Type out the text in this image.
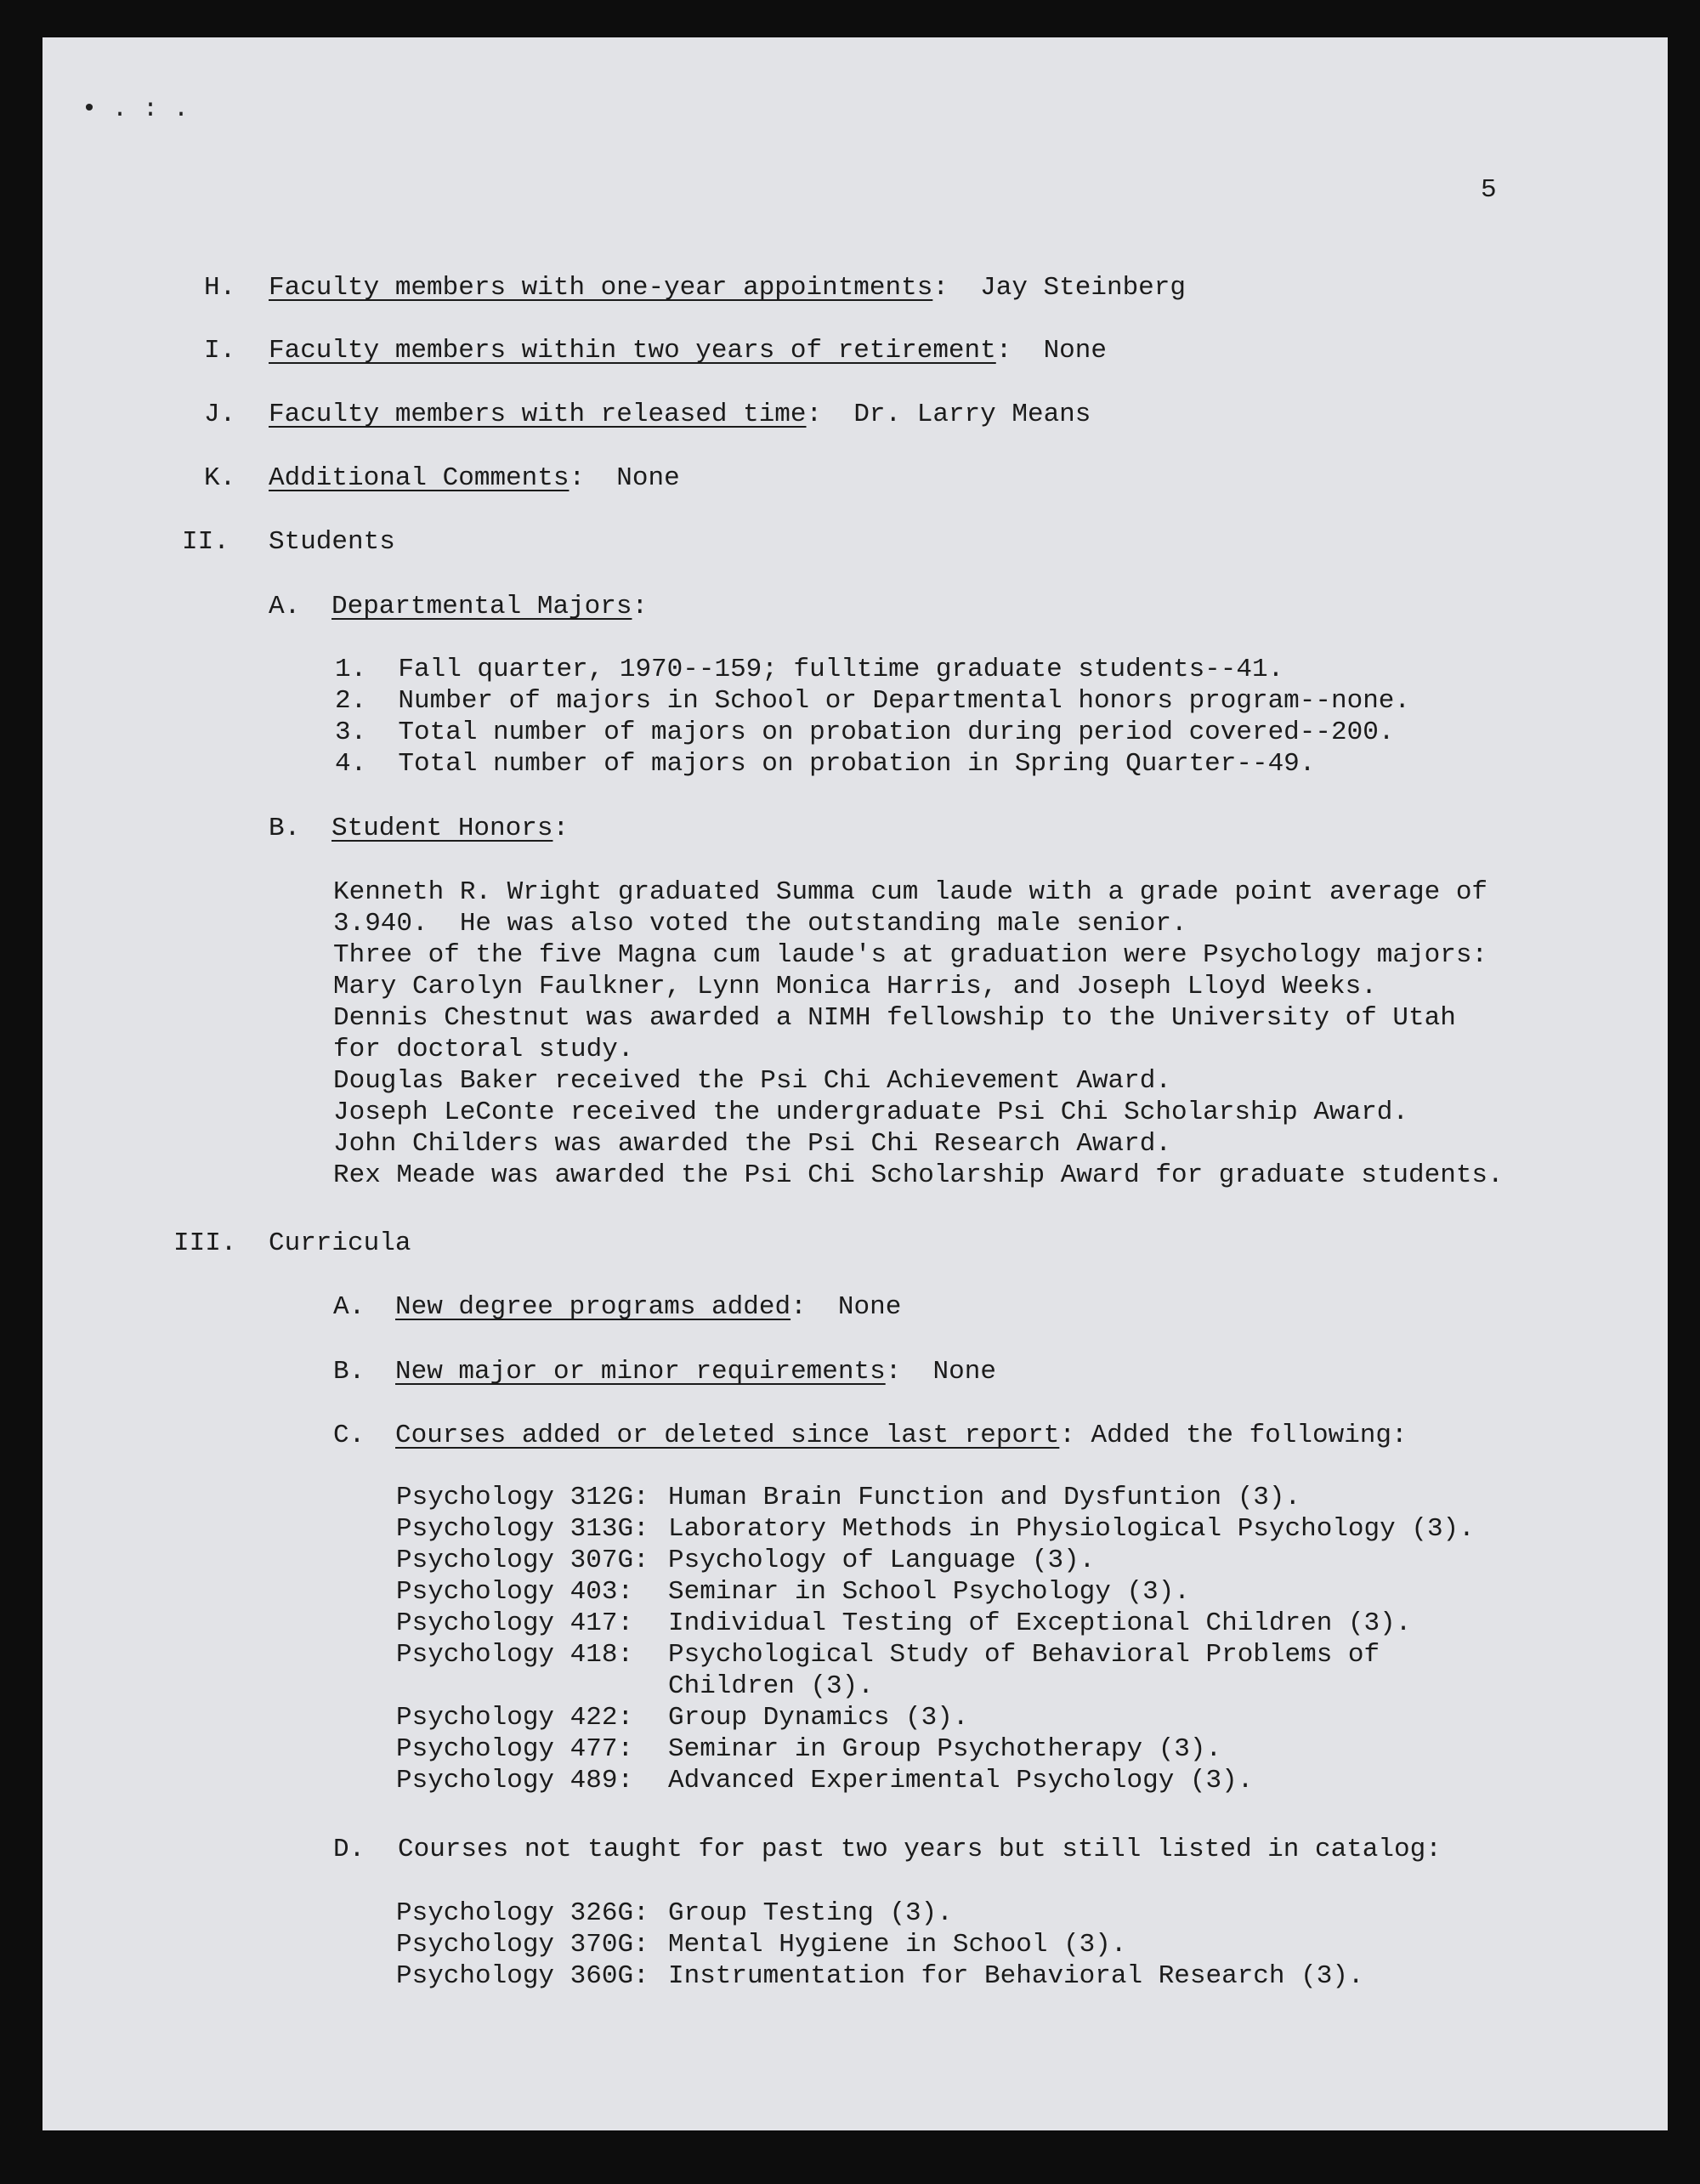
• . : .
5
H. Faculty members with one-year appointments:  Jay Steinberg
I. Faculty members within two years of retirement:  None
J. Faculty members with released time:  Dr. Larry Means
K. Additional Comments:  None
II. Students
A. Departmental Majors:
1.  Fall quarter, 1970--159; fulltime graduate students--41.
2.  Number of majors in School or Departmental honors program--none.
3.  Total number of majors on probation during period covered--200.
4.  Total number of majors on probation in Spring Quarter--49.
B. Student Honors:
Kenneth R. Wright graduated Summa cum laude with a grade point average of
3.940.  He was also voted the outstanding male senior.
Three of the five Magna cum laude's at graduation were Psychology majors:
Mary Carolyn Faulkner, Lynn Monica Harris, and Joseph Lloyd Weeks.
Dennis Chestnut was awarded a NIMH fellowship to the University of Utah
for doctoral study.
Douglas Baker received the Psi Chi Achievement Award.
Joseph LeConte received the undergraduate Psi Chi Scholarship Award.
John Childers was awarded the Psi Chi Research Award.
Rex Meade was awarded the Psi Chi Scholarship Award for graduate students.
III. Curricula
A. New degree programs added:  None
B. New major or minor requirements:  None
C. Courses added or deleted since last report: Added the following:
Psychology 312G: Human Brain Function and Dysfuntion (3).
Psychology 313G: Laboratory Methods in Physiological Psychology (3).
Psychology 307G: Psychology of Language (3).
Psychology 403: Seminar in School Psychology (3).
Psychology 417: Individual Testing of Exceptional Children (3).
Psychology 418: Psychological Study of Behavioral Problems of
Children (3).
Psychology 422: Group Dynamics (3).
Psychology 477: Seminar in Group Psychotherapy (3).
Psychology 489: Advanced Experimental Psychology (3).
D. Courses not taught for past two years but still listed in catalog:
Psychology 326G: Group Testing (3).
Psychology 370G: Mental Hygiene in School (3).
Psychology 360G: Instrumentation for Behavioral Research (3).
